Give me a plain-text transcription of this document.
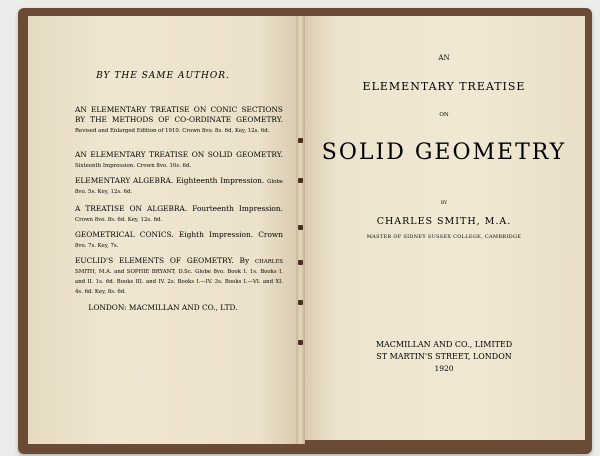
BY THE SAME AUTHOR.
AN ELEMENTARY TREATISE ON CONIC SECTIONS BY THE METHODS OF CO-ORDINATE GEOMETRY. Revised and Enlarged Edition of 1910. Crown 8vo. 8s. 6d. Key, 12s. 6d.
AN ELEMENTARY TREATISE ON SOLID GEOMETRY. Sixteenth Impression. Crown 8vo. 10s. 6d.
ELEMENTARY ALGEBRA. Eighteenth Impression. Globe 8vo. 5s. Key, 12s. 6d.
A TREATISE ON ALGEBRA. Fourteenth Impression. Crown 8vo. 8s. 6d. Key, 12s. 6d.
GEOMETRICAL CONICS. Eighth Impression. Crown 8vo. 7s. Key, 7s.
EUCLID'S ELEMENTS OF GEOMETRY. By CHARLES SMITH, M.A. and SOPHIE BRYANT, D.Sc. Globe 8vo. Book I. 1s. Books I. and II. 1s. 6d. Books III. and IV. 2s. Books I.—IV. 3s. Books I.—VI. and XI. 4s. 6d. Key, 8s. 6d.
LONDON: MACMILLAN AND CO., LTD.
AN
ELEMENTARY TREATISE
ON
SOLID GEOMETRY
BY
CHARLES SMITH, M.A.
MASTER OF SIDNEY SUSSEX COLLEGE, CAMBRIDGE
MACMILLAN AND CO., LIMITED
ST MARTIN'S STREET, LONDON
1920
